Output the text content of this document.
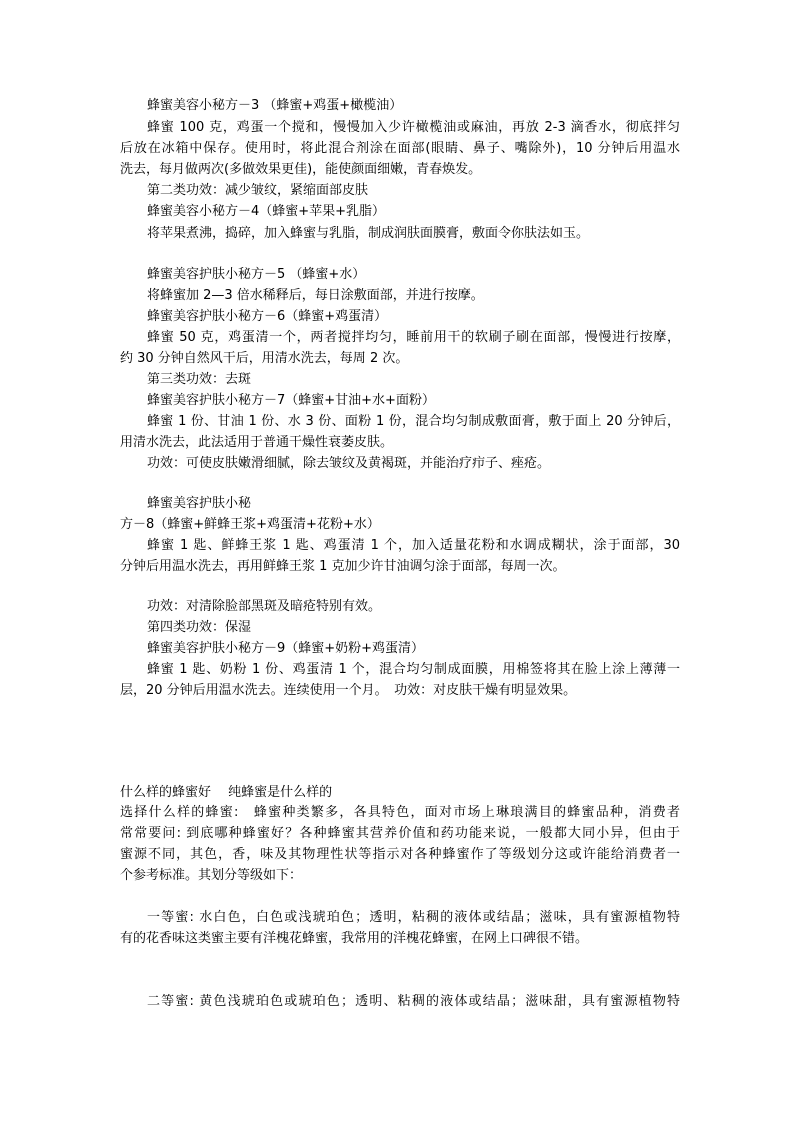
蜂蜜美容小秘方－3 （蜂蜜+鸡蛋+橄榄油）
蜂蜜 100 克，鸡蛋一个搅和，慢慢加入少许橄榄油或麻油，再放 2-3 滴香水，彻底拌匀
后放在冰箱中保存。使用时，将此混合剂涂在面部(眼睛、鼻子、嘴除外)，10 分钟后用温水
洗去，每月做两次(多做效果更佳)，能使颜面细嫩，青春焕发。
第二类功效：减少皱纹，紧缩面部皮肤
蜂蜜美容小秘方－4（蜂蜜+苹果+乳脂）
将苹果煮沸，捣碎，加入蜂蜜与乳脂，制成润肤面膜膏，敷面令你肤法如玉。
蜂蜜美容护肤小秘方－5 （蜂蜜+水）
将蜂蜜加 2—3 倍水稀释后，每日涂敷面部，并进行按摩。
蜂蜜美容护肤小秘方－6（蜂蜜+鸡蛋清）
蜂蜜 50 克，鸡蛋清一个，两者搅拌均匀，睡前用干的软刷子刷在面部，慢慢进行按摩，
约 30 分钟自然风干后，用清水洗去，每周 2 次。
第三类功效：去斑
蜂蜜美容护肤小秘方－7（蜂蜜+甘油+水+面粉）
蜂蜜 1 份、甘油 1 份、水 3 份、面粉 1 份，混合均匀制成敷面膏，敷于面上 20 分钟后，
用清水洗去，此法适用于普通干燥性衰萎皮肤。
功效：可使皮肤嫩滑细腻，除去皱纹及黄褐斑，并能治疗疖子、痤疮。
蜂蜜美容护肤小秘
方－8（蜂蜜+鲜蜂王浆+鸡蛋清+花粉+水）
蜂蜜 1 匙、鲜蜂王浆 1 匙、鸡蛋清 1 个，加入适量花粉和水调成糊状，涂于面部，30
分钟后用温水洗去，再用鲜蜂王浆 1 克加少许甘油调匀涂于面部，每周一次。
功效：对清除脸部黑斑及暗疮特别有效。
第四类功效：保湿
蜂蜜美容护肤小秘方－9（蜂蜜+奶粉+鸡蛋清）
蜂蜜 1 匙、奶粉 1 份、鸡蛋清 1 个，混合均匀制成面膜，用棉签将其在脸上涂上薄薄一
层，20 分钟后用温水洗去。连续使用一个月。　功效：对皮肤干燥有明显效果。
什么样的蜂蜜好　 纯蜂蜜是什么样的
选择什么样的蜂蜜:　蜂蜜种类繁多，各具特色，面对市场上琳琅满目的蜂蜜品种，消费者
常常要问: 到底哪种蜂蜜好？各种蜂蜜其营养价值和药功能来说，一般都大同小异，但由于
蜜源不同，其色，香，味及其物理性状等指示对各种蜂蜜作了等级划分这或许能给消费者一
个参考标准。其划分等级如下：
一等蜜: 水白色，白色或浅琥珀色；透明，粘稠的液体或结晶；滋味，具有蜜源植物特
有的花香味这类蜜主要有洋槐花蜂蜜，我常用的洋槐花蜂蜜，在网上口碑很不错。
二等蜜: 黄色浅琥珀色或琥珀色；透明、粘稠的液体或结晶；滋味甜，具有蜜源植物特
